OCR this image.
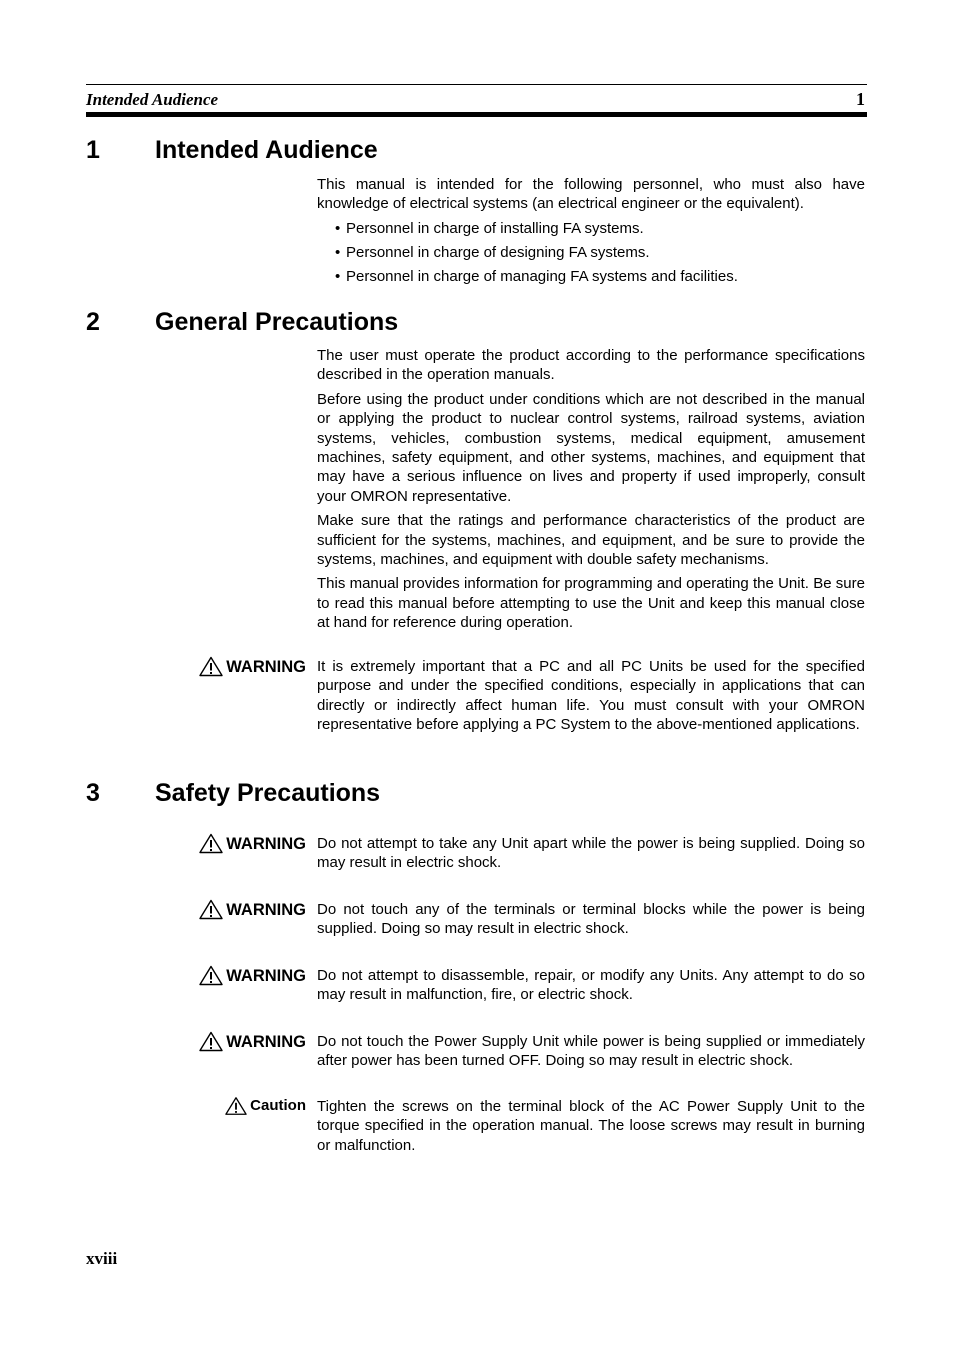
Intended Audience	1
1 Intended Audience

This manual is intended for the following personnel, who must also have knowledge of electrical systems (an electrical engineer or the equivalent).

• Personnel in charge of installing FA systems.
• Personnel in charge of designing FA systems.
• Personnel in charge of managing FA systems and facilities.
2 General Precautions

The user must operate the product according to the performance specifications described in the operation manuals.

Before using the product under conditions which are not described in the manual or applying the product to nuclear control systems, railroad systems, aviation systems, vehicles, combustion systems, medical equipment, amusement machines, safety equipment, and other systems, machines, and equipment that may have a serious influence on lives and property if used improperly, consult your OMRON representative.

Make sure that the ratings and performance characteristics of the product are sufficient for the systems, machines, and equipment, and be sure to provide the systems, machines, and equipment with double safety mechanisms.

This manual provides information for programming and operating the Unit. Be sure to read this manual before attempting to use the Unit and keep this manual close at hand for reference during operation.

WARNING It is extremely important that a PC and all PC Units be used for the specified purpose and under the specified conditions, especially in applications that can directly or indirectly affect human life. You must consult with your OMRON representative before applying a PC System to the above-mentioned applications.
3 Safety Precautions
WARNING Do not attempt to take any Unit apart while the power is being supplied. Doing so may result in electric shock.
WARNING Do not touch any of the terminals or terminal blocks while the power is being supplied. Doing so may result in electric shock.
WARNING Do not attempt to disassemble, repair, or modify any Units. Any attempt to do so may result in malfunction, fire, or electric shock.
WARNING Do not touch the Power Supply Unit while power is being supplied or immediately after power has been turned OFF. Doing so may result in electric shock.
Caution Tighten the screws on the terminal block of the AC Power Supply Unit to the torque specified in the operation manual. The loose screws may result in burning or malfunction.
xviii
